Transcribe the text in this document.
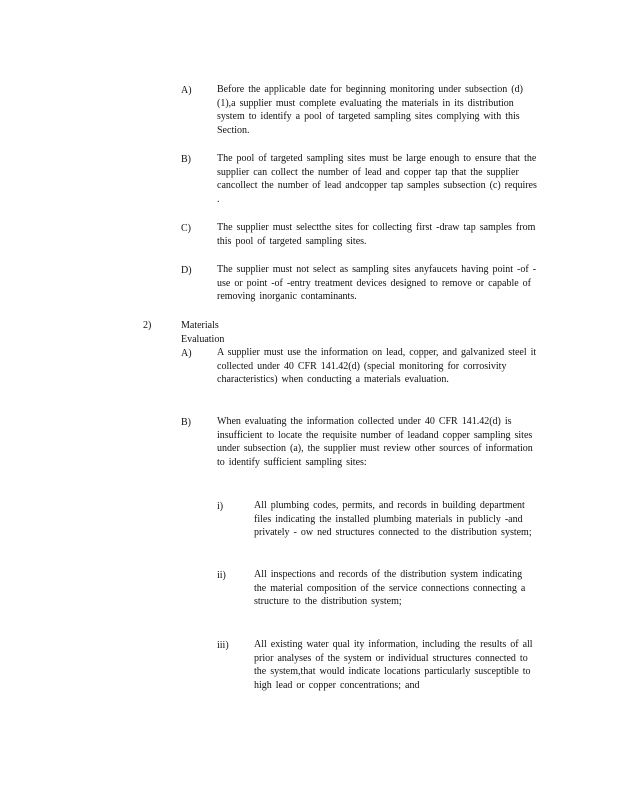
A)	Before the applicable date for beginning monitoring under subsection (d)(1),a supplier must complete evaluating the materials in its distribution system to identify a pool of targeted sampling sites complying with this Section.
B)	The pool of targeted sampling sites must be large enough to ensure that the supplier can collect the number of lead and copper tap that the supplier cancollect the number of lead andcopper tap samples subsection (c) requires .
C)	The supplier must selectthe sites for collecting first -draw tap samples from this pool of targeted sampling sites.
D)	The supplier must not select as sampling sites anyfaucets having point -of -use or point -of -entry treatment devices designed to remove or capable of removing inorganic contaminants.
2)	Materials Evaluation
A)	A supplier must use the information on lead, copper, and galvanized steel it collected under 40 CFR 141.42(d) (special monitoring for corrosivity characteristics) when conducting a materials evaluation.
B)	When evaluating the information collected under 40 CFR 141.42(d) is insufficient to locate the requisite number of leadand copper sampling sites under subsection (a), the supplier must review other sources of information to identify sufficient sampling sites:
i)	All plumbing codes, permits, and records in building department files indicating the installed plumbing materials in publicly -and privately - ow ned structures connected to the distribution system;
ii)	All inspections and records of the distribution system indicating the material composition of the service connections connecting a structure to the distribution system;
iii)	All existing water qual ity information, including the results of all prior analyses of the system or individual structures connected to the system,that would indicate locations particularly susceptible to high lead or copper concentrations; and
